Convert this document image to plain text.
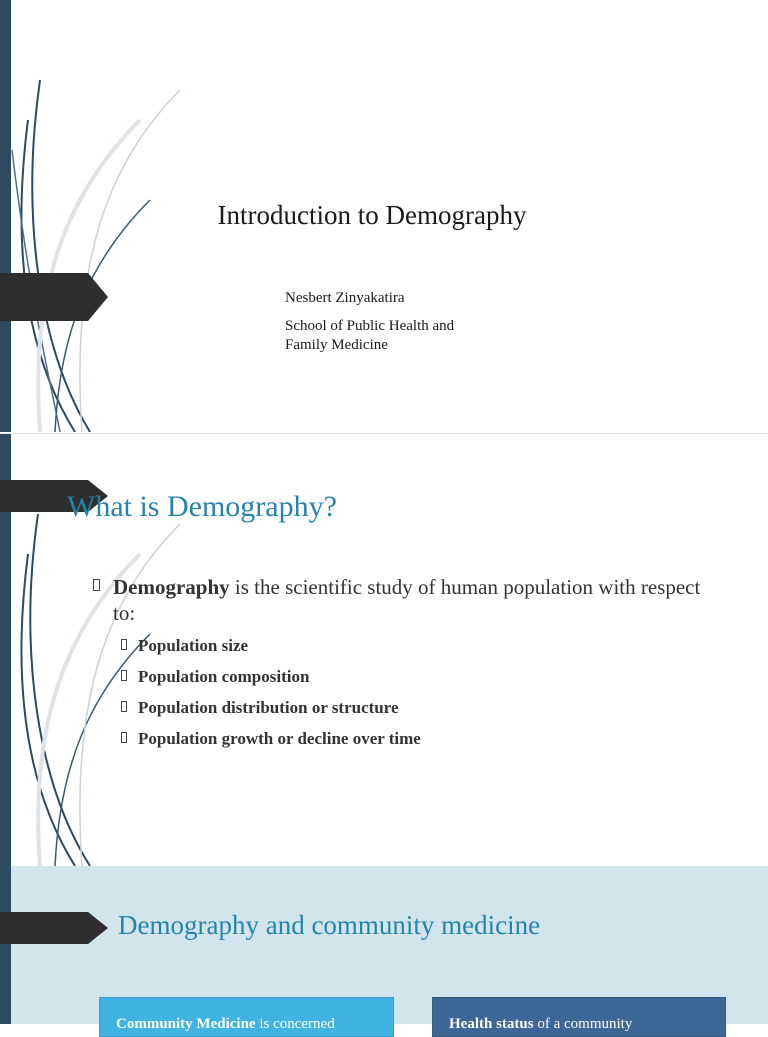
Introduction to Demography
Nesbert Zinyakatira
School of Public Health and Family Medicine
What is Demography?
Demography is the scientific study of human population with respect to:
Population size
Population composition
Population distribution or structure
Population growth or decline over time
Demography and community medicine
Community Medicine is concerned	Health status of a community
